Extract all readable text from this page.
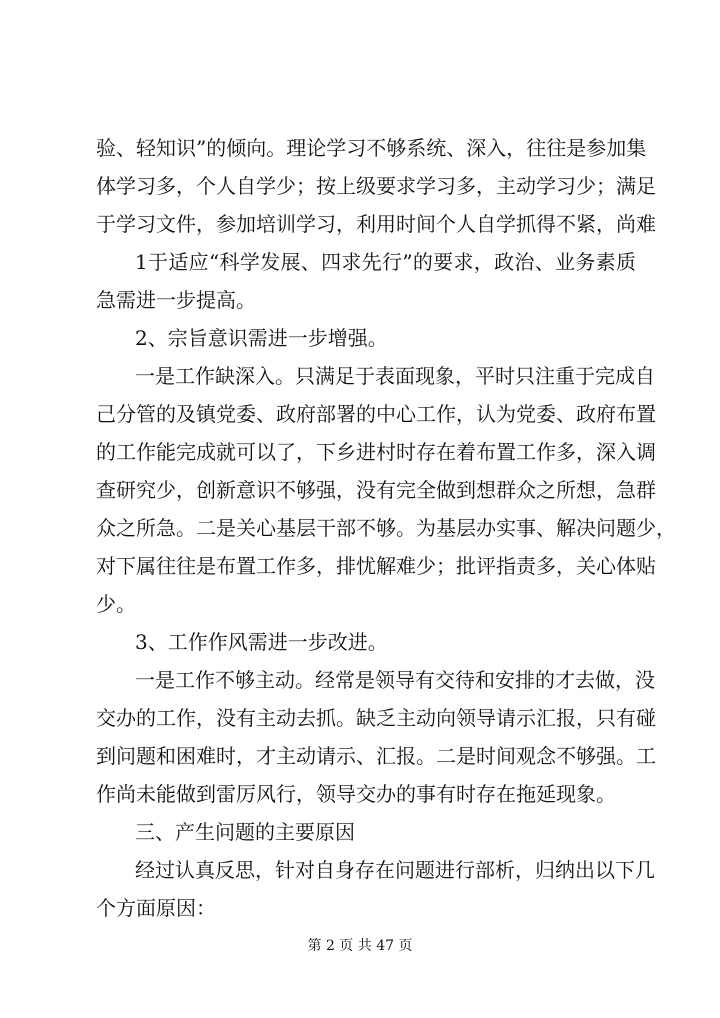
验、轻知识”的倾向。理论学习不够系统、深入，往往是参加集
体学习多，个人自学少；按上级要求学习多，主动学习少；满足
于学习文件，参加培训学习，利用时间个人自学抓得不紧，尚难
1于适应“科学发展、四求先行”的要求，政治、业务素质
急需进一步提高。
2、宗旨意识需进一步增强。
一是工作缺深入。只满足于表面现象，平时只注重于完成自
己分管的及镇党委、政府部署的中心工作，认为党委、政府布置
的工作能完成就可以了，下乡进村时存在着布置工作多，深入调
查研究少，创新意识不够强，没有完全做到想群众之所想，急群
众之所急。二是关心基层干部不够。为基层办实事、解决问题少，
对下属往往是布置工作多，排忧解难少；批评指责多，关心体贴
少。
3、工作作风需进一步改进。
一是工作不够主动。经常是领导有交待和安排的才去做，没
交办的工作，没有主动去抓。缺乏主动向领导请示汇报，只有碰
到问题和困难时，才主动请示、汇报。二是时间观念不够强。工
作尚未能做到雷厉风行，领导交办的事有时存在拖延现象。
三、产生问题的主要原因
经过认真反思，针对自身存在问题进行部析，归纳出以下几
个方面原因：
第 2 页 共 47 页
